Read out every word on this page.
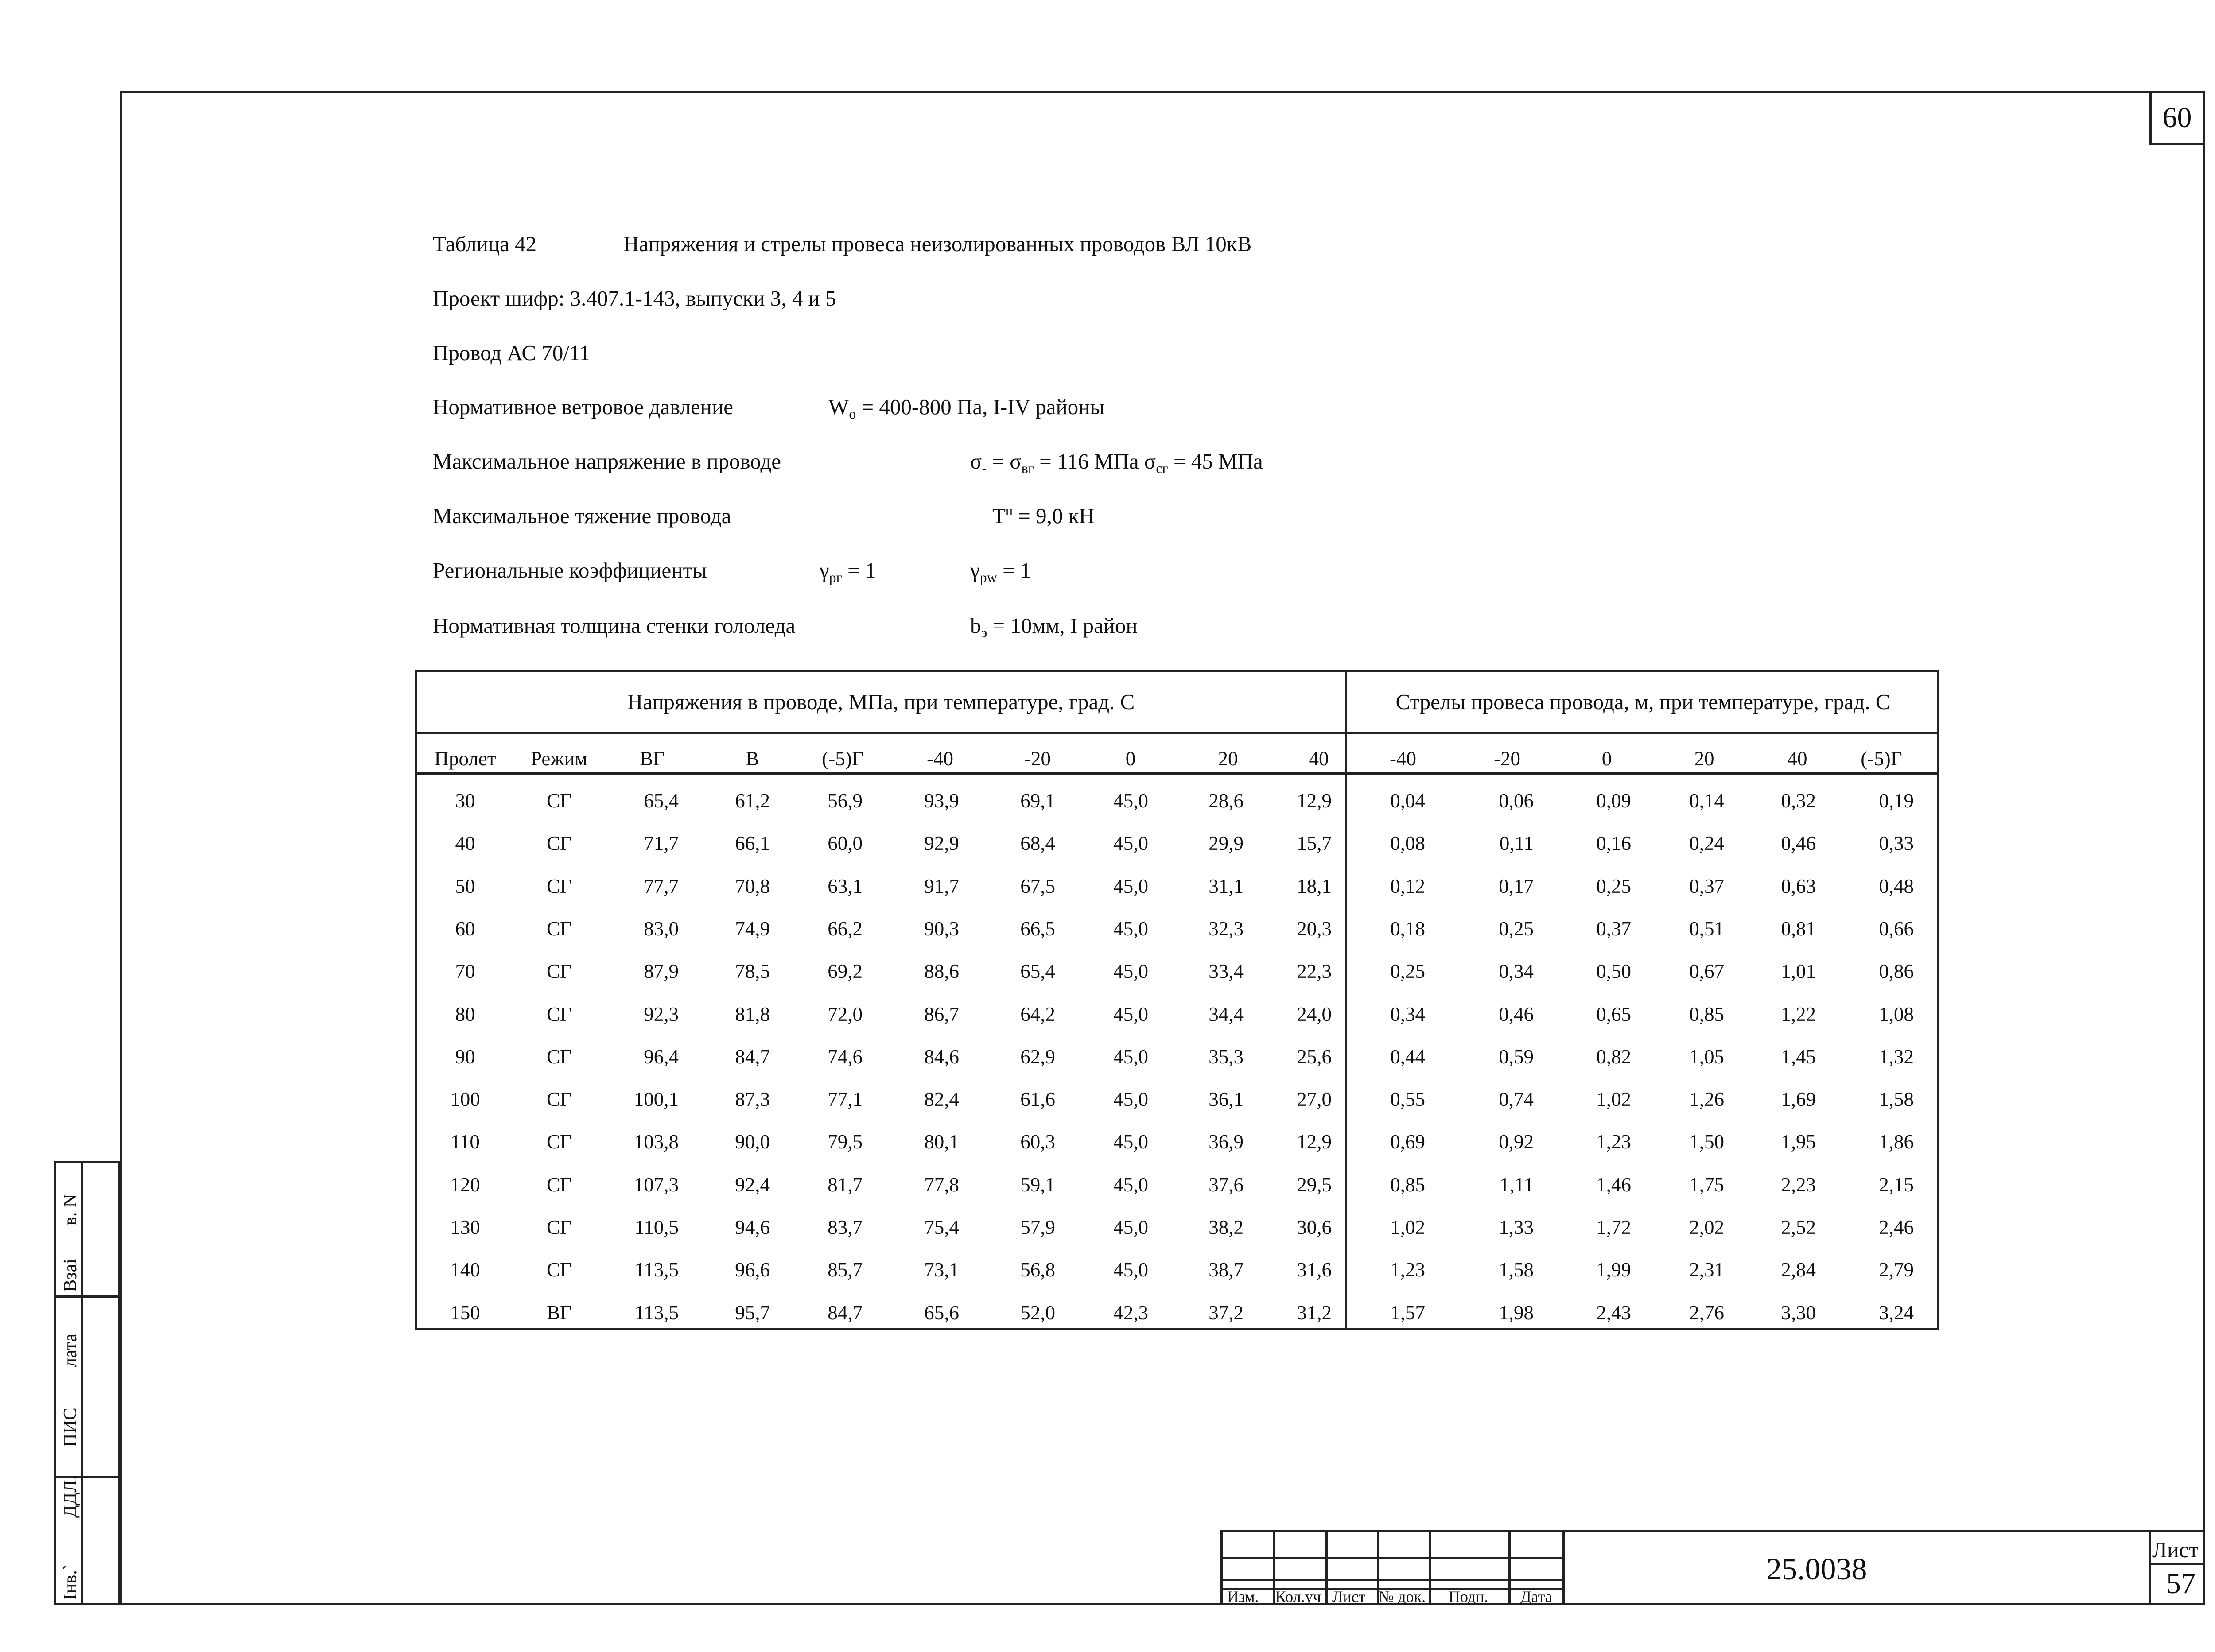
60
Таблица 42	Напряжения и стрелы провеса неизолированных проводов ВЛ 10кВ
Проект шифр: 3.407.1-143, выпуски 3, 4 и 5
Провод АС 70/11
Нормативное ветровое давление	$W_о = 400-800$ Па, I-IV районы
Максимальное напряжение в проводе	$\sigma_- = \sigma_{вг} = 116$ МПа $\sigma_{сг} = 45$ МПа
Максимальное тяжение провода	$Т^н = 9,0$ кН
Региональные коэффициенты	$\gamma_{pг} = 1$	$\gamma_{pw} = 1$
Нормативная толщина стенки гололеда	$b_э = 10мм$, I район
Напряжения в проводе, МПа, при температуре, град. С	Стрелы провеса провода, м, при температуре, град. С
Пролет	Режим	ВГ	В	(-5)Г	-40	-20	0	20	40	-40	-20	0	20	40	(-5)Г
30	СГ	65,4	61,2	56,9	93,9	69,1	45,0	28,6	12,9	0,04	0,06	0,09	0,14	0,32	0,19
40	СГ	71,7	66,1	60,0	92,9	68,4	45,0	29,9	15,7	0,08	0,11	0,16	0,24	0,46	0,33
50	СГ	77,7	70,8	63,1	91,7	67,5	45,0	31,1	18,1	0,12	0,17	0,25	0,37	0,63	0,48
60	СГ	83,0	74,9	66,2	90,3	66,5	45,0	32,3	20,3	0,18	0,25	0,37	0,51	0,81	0,66
70	СГ	87,9	78,5	69,2	88,6	65,4	45,0	33,4	22,3	0,25	0,34	0,50	0,67	1,01	0,86
80	СГ	92,3	81,8	72,0	86,7	64,2	45,0	34,4	24,0	0,34	0,46	0,65	0,85	1,22	1,08
90	СГ	96,4	84,7	74,6	84,6	62,9	45,0	35,3	25,6	0,44	0,59	0,82	1,05	1,45	1,32
100	СГ	100,1	87,3	77,1	82,4	61,6	45,0	36,1	27,0	0,55	0,74	1,02	1,26	1,69	1,58
110	СГ	103,8	90,0	79,5	80,1	60,3	45,0	36,9	12,9	0,69	0,92	1,23	1,50	1,95	1,86
120	СГ	107,3	92,4	81,7	77,8	59,1	45,0	37,6	29,5	0,85	1,11	1,46	1,75	2,23	2,15
130	СГ	110,5	94,6	83,7	75,4	57,9	45,0	38,2	30,6	1,02	1,33	1,72	2,02	2,52	2,46
140	СГ	113,5	96,6	85,7	73,1	56,8	45,0	38,7	31,6	1,23	1,58	1,99	2,31	2,84	2,79
150	ВГ	113,5	95,7	84,7	65,6	52,0	42,3	37,2	31,2	1,57	1,98	2,43	2,76	3,30	3,24
в. N
Взаі
лата
ПИС
ДДЛ.
Інв.`	Изм. Кол.уч Лист № док. Подп. Дата
25.0038
Лист
57
